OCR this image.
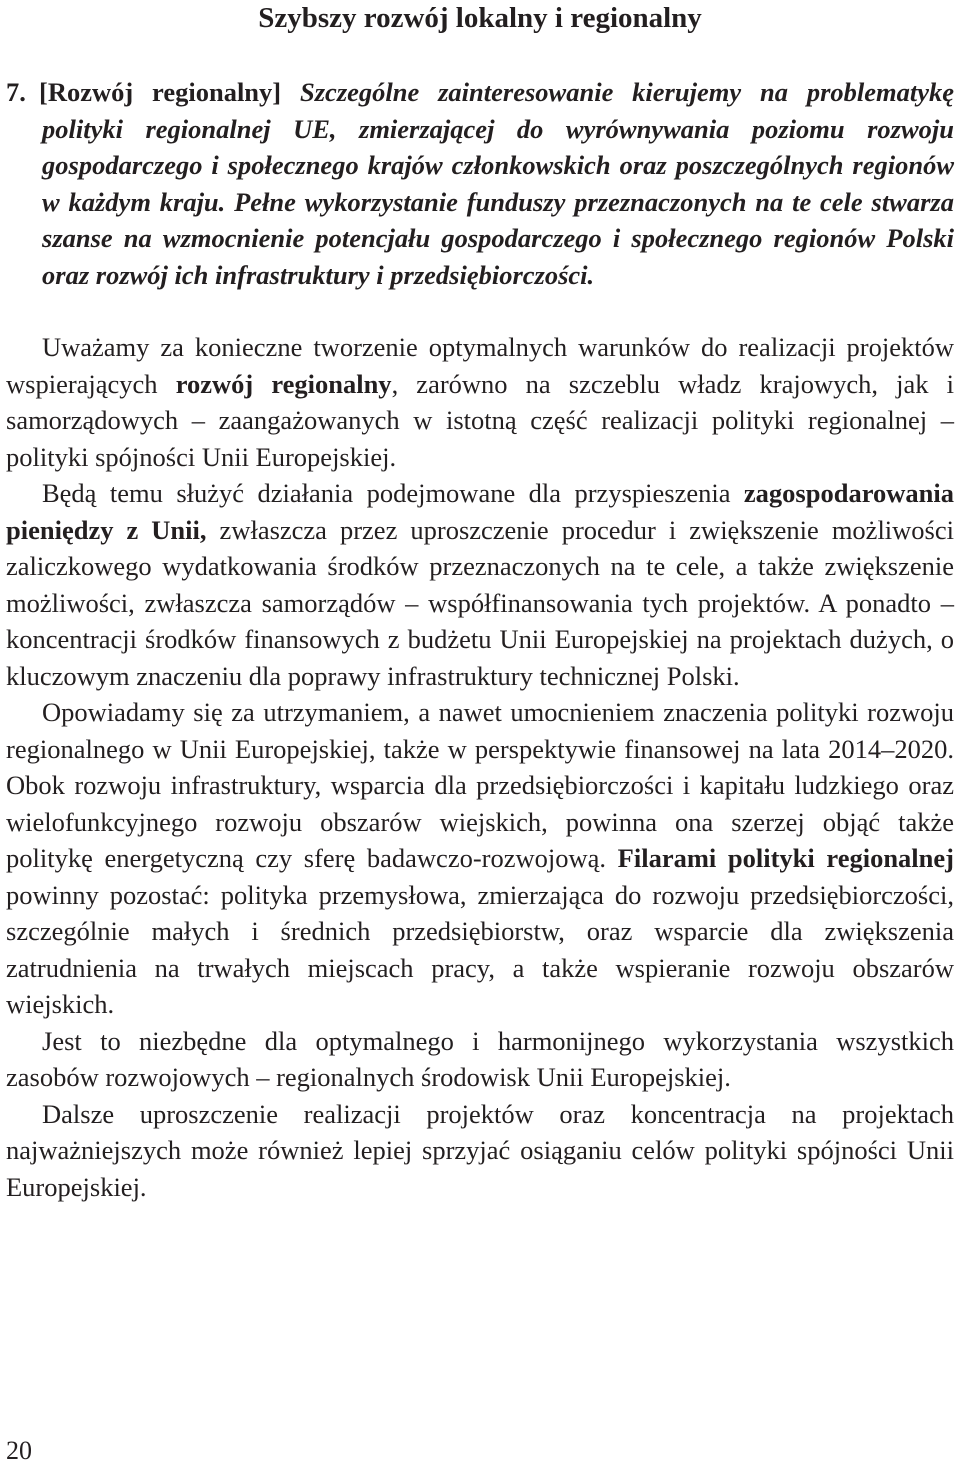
Szybszy rozwój lokalny i regionalny
7. [Rozwój regionalny] Szczególne zainteresowanie kierujemy na problematykę polityki regionalnej UE, zmierzającej do wyrównywania poziomu rozwoju gospodarczego i społecznego krajów członkowskich oraz poszczególnych regionów w każdym kraju. Pełne wykorzystanie funduszy przeznaczonych na te cele stwarza szanse na wzmocnienie potencjału gospodarczego i społecznego regionów Polski oraz rozwój ich infrastruktury i przedsiębiorczości.

Uważamy za konieczne tworzenie optymalnych warunków do realizacji projektów wspierających rozwój regionalny, zarówno na szczeblu władz krajowych, jak i samorządowych – zaangażowanych w istotną część realizacji polityki regionalnej – polityki spójności Unii Europejskiej.

Będą temu służyć działania podejmowane dla przyspieszenia zagospodarowania pieniędzy z Unii, zwłaszcza przez uproszczenie procedur i zwiększenie możliwości zaliczkowego wydatkowania środków przeznaczonych na te cele, a także zwiększenie możliwości, zwłaszcza samorządów – współfinansowania tych projektów. A ponadto – koncentracji środków finansowych z budżetu Unii Europejskiej na projektach dużych, o kluczowym znaczeniu dla poprawy infrastruktury technicznej Polski.

Opowiadamy się za utrzymaniem, a nawet umocnieniem znaczenia polityki rozwoju regionalnego w Unii Europejskiej, także w perspektywie finansowej na lata 2014–2020. Obok rozwoju infrastruktury, wsparcia dla przedsiębiorczości i kapitału ludzkiego oraz wielofunkcyjnego rozwoju obszarów wiejskich, powinna ona szerzej objąć także politykę energetyczną czy sferę badawczo-rozwojową. Filarami polityki regionalnej powinny pozostać: polityka przemysłowa, zmierzająca do rozwoju przedsiębiorczości, szczególnie małych i średnich przedsiębiorstw, oraz wsparcie dla zwiększenia zatrudnienia na trwałych miejscach pracy, a także wspieranie rozwoju obszarów wiejskich.

Jest to niezbędne dla optymalnego i harmonijnego wykorzystania wszystkich zasobów rozwojowych – regionalnych środowisk Unii Europejskiej.

Dalsze uproszczenie realizacji projektów oraz koncentracja na projektach najważniejszych może również lepiej sprzyjać osiąganiu celów polityki spójności Unii Europejskiej.

20
